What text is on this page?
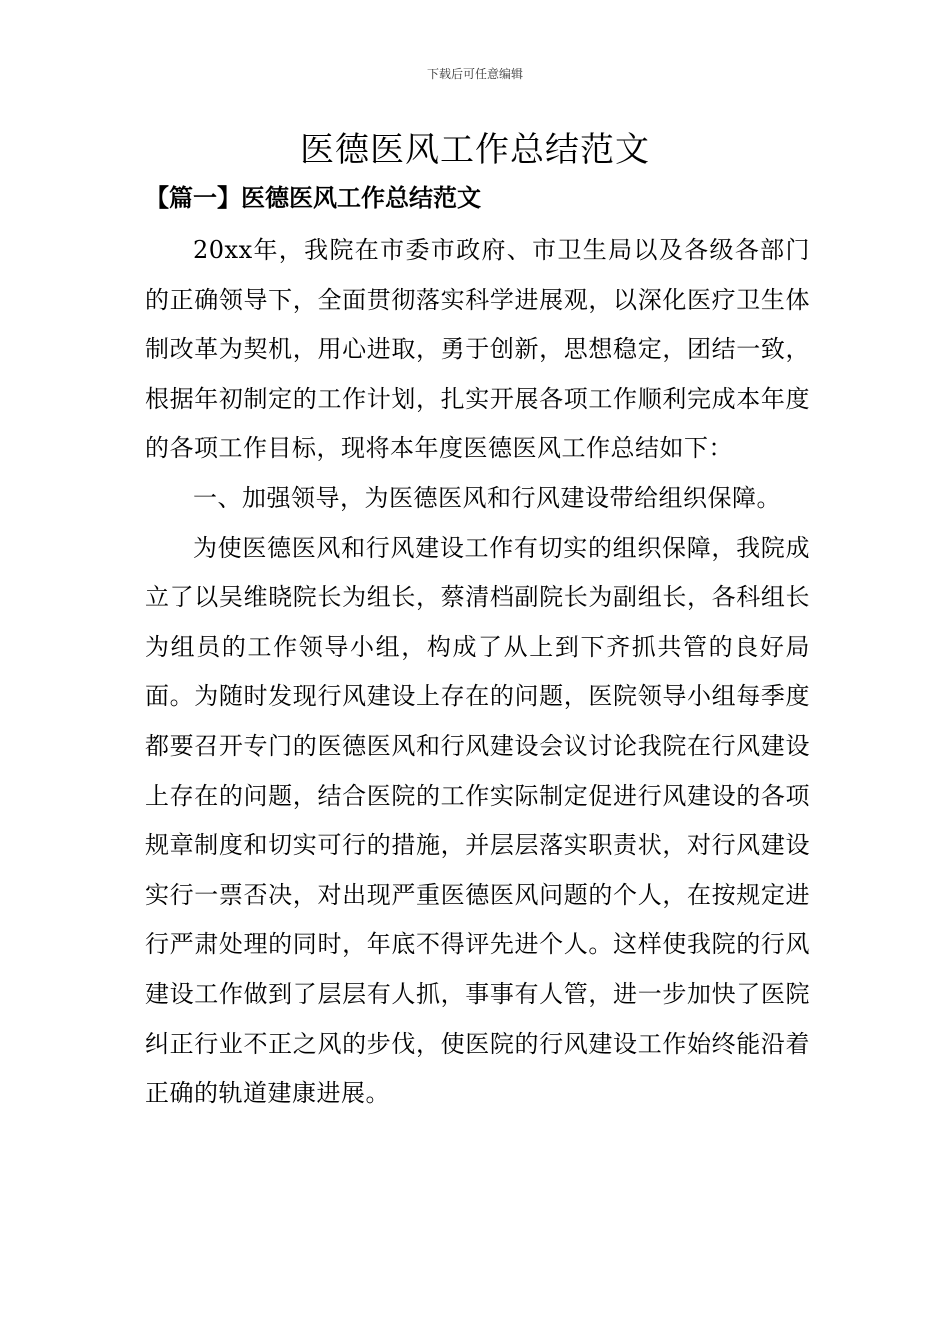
下载后可任意编辑
医德医风工作总结范文
【篇一】医德医风工作总结范文

20xx年，我院在市委市政府、市卫生局以及各级各部门的正确领导下，全面贯彻落实科学进展观，以深化医疗卫生体制改革为契机，用心进取，勇于创新，思想稳定，团结一致，根据年初制定的工作计划，扎实开展各项工作顺利完成本年度的各项工作目标，现将本年度医德医风工作总结如下：

一、加强领导，为医德医风和行风建设带给组织保障。

为使医德医风和行风建设工作有切实的组织保障，我院成立了以吴维晓院长为组长，蔡清档副院长为副组长，各科组长为组员的工作领导小组，构成了从上到下齐抓共管的良好局面。为随时发现行风建设上存在的问题，医院领导小组每季度都要召开专门的医德医风和行风建设会议讨论我院在行风建设上存在的问题，结合医院的工作实际制定促进行风建设的各项规章制度和切实可行的措施，并层层落实职责状，对行风建设实行一票否决，对出现严重医德医风问题的个人，在按规定进行严肃处理的同时，年底不得评先进个人。这样使我院的行风建设工作做到了层层有人抓，事事有人管，进一步加快了医院纠正行业不正之风的步伐，使医院的行风建设工作始终能沿着正确的轨道建康进展。
